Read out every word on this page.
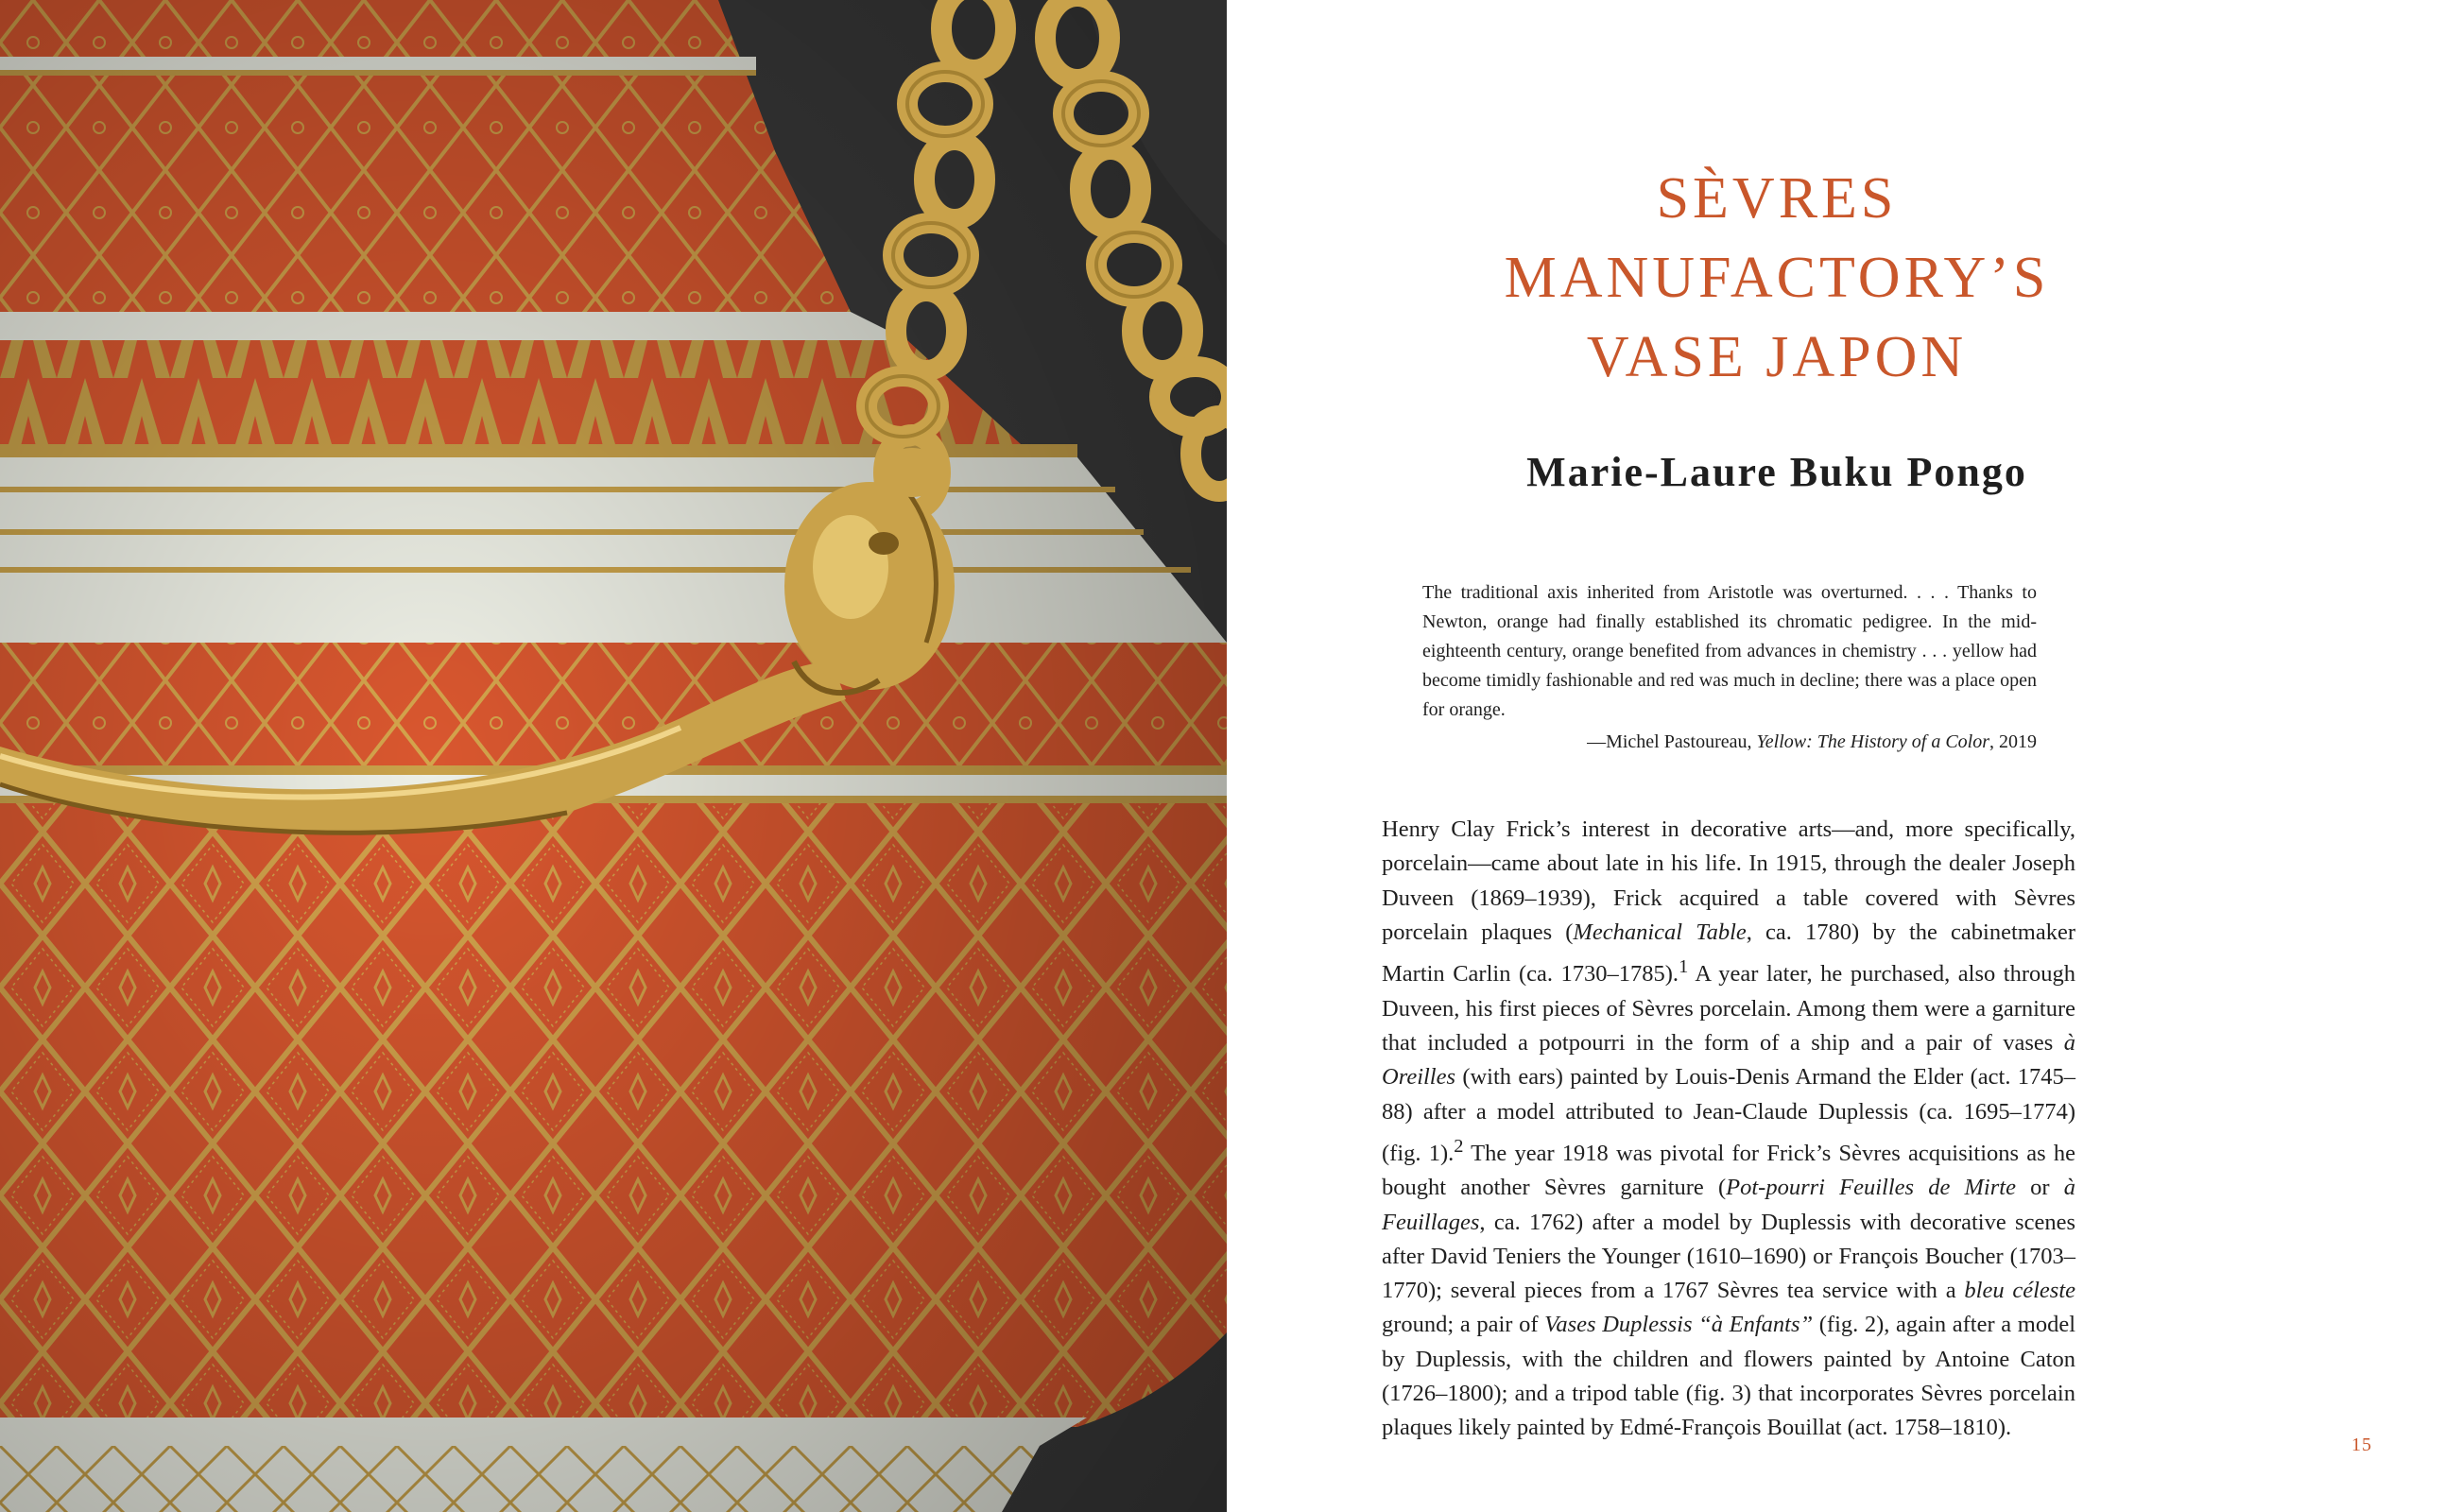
SÈVRES
MANUFACTORY’S
VASE JAPON
Marie-Laure Buku Pongo
The traditional axis inherited from Aristotle was overturned. . . . Thanks to Newton, orange had finally established its chromatic pedigree. In the mid-eighteenth century, orange benefited from advances in chemistry . . . yellow had become timidly fashionable and red was much in decline; there was a place open for orange.
—Michel Pastoureau, Yellow: The History of a Color, 2019

Henry Clay Frick’s interest in decorative arts—and, more specifically, porcelain—came about late in his life. In 1915, through the dealer Joseph Duveen (1869–1939), Frick acquired a table covered with Sèvres porcelain plaques (Mechanical Table, ca. 1780) by the cabinetmaker Martin Carlin (ca. 1730–1785).$^1$ A year later, he purchased, also through Duveen, his first pieces of Sèvres porcelain. Among them were a garniture that included a potpourri in the form of a ship and a pair of vases à Oreilles (with ears) painted by Louis-Denis Armand the Elder (act. 1745–88) after a model attributed to Jean-Claude Duplessis (ca. 1695–1774) (fig. 1).$^2$ The year 1918 was pivotal for Frick’s Sèvres acquisitions as he bought another Sèvres garniture (Pot-pourri Feuilles de Mirte or à Feuillages, ca. 1762) after a model by Duplessis with decorative scenes after David Teniers the Younger (1610–1690) or François Boucher (1703–1770); several pieces from a 1767 Sèvres tea service with a bleu céleste ground; a pair of Vases Duplessis “à Enfants” (fig. 2), again after a model by Duplessis, with the children and flowers painted by Antoine Caton (1726–1800); and a tripod table (fig. 3) that incorporates Sèvres porcelain plaques likely painted by Edmé-François Bouillat (act. 1758–1810).

15
